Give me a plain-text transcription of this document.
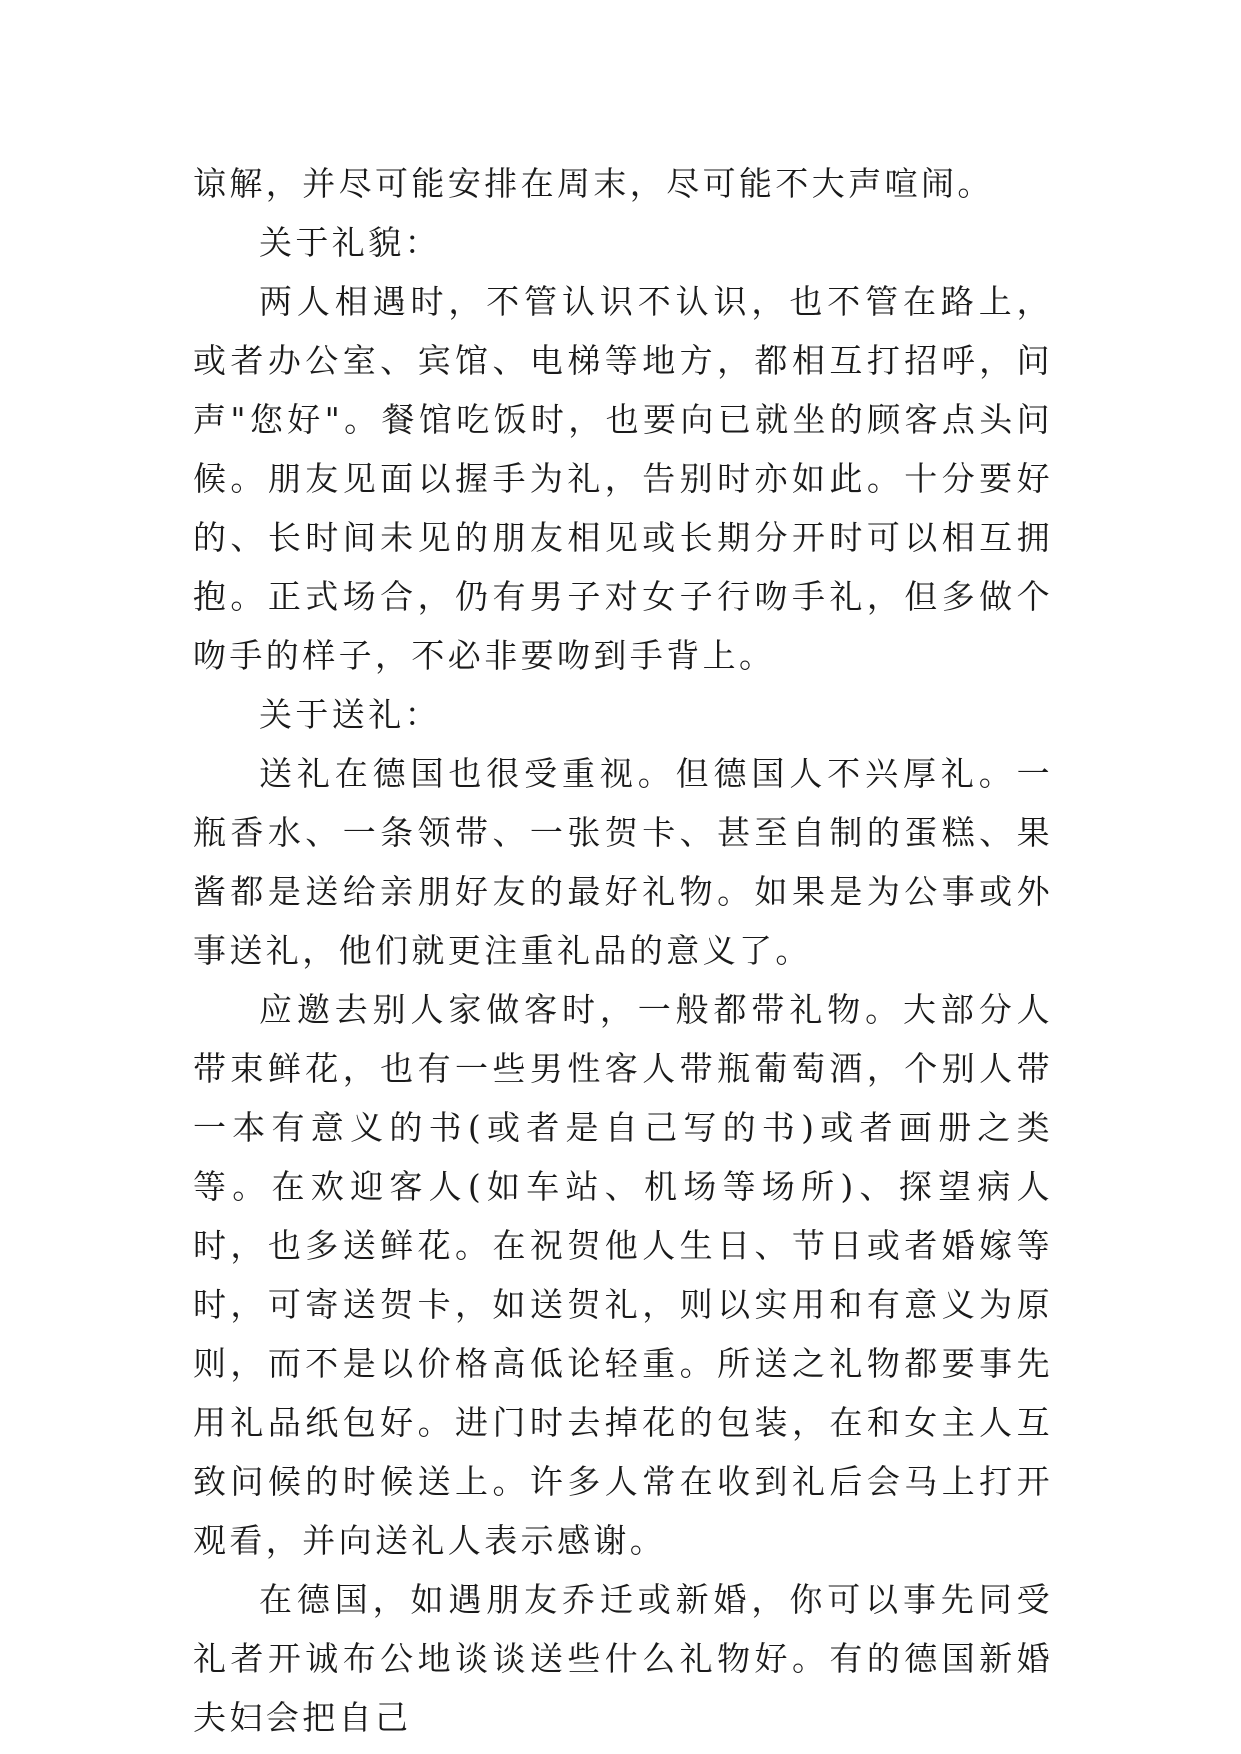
谅解，并尽可能安排在周末，尽可能不大声喧闹。

关于礼貌：

两人相遇时，不管认识不认识，也不管在路上，或者办公室、宾馆、电梯等地方，都相互打招呼，问声"您好"。餐馆吃饭时，也要向已就坐的顾客点头问候。朋友见面以握手为礼，告别时亦如此。十分要好的、长时间未见的朋友相见或长期分开时可以相互拥抱。正式场合，仍有男子对女子行吻手礼，但多做个吻手的样子，不必非要吻到手背上。

关于送礼：

送礼在德国也很受重视。但德国人不兴厚礼。一瓶香水、一条领带、一张贺卡、甚至自制的蛋糕、果酱都是送给亲朋好友的最好礼物。如果是为公事或外事送礼，他们就更注重礼品的意义了。

应邀去别人家做客时，一般都带礼物。大部分人带束鲜花，也有一些男性客人带瓶葡萄酒，个别人带一本有意义的书(或者是自己写的书)或者画册之类等。在欢迎客人(如车站、机场等场所)、探望病人时，也多送鲜花。在祝贺他人生日、节日或者婚嫁等时，可寄送贺卡，如送贺礼，则以实用和有意义为原则，而不是以价格高低论轻重。所送之礼物都要事先用礼品纸包好。进门时去掉花的包装，在和女主人互致问候的时候送上。许多人常在收到礼后会马上打开观看，并向送礼人表示感谢。

在德国，如遇朋友乔迁或新婚，你可以事先同受礼者开诚布公地谈谈送些什么礼物好。有的德国新婚夫妇会把自己
